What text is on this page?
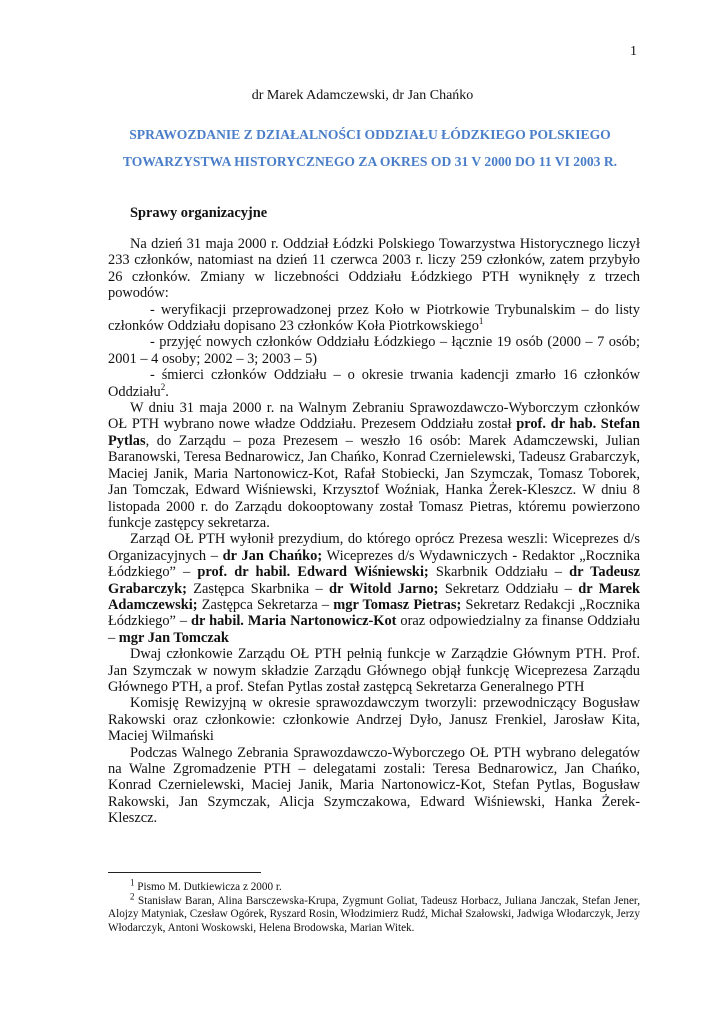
1
dr Marek Adamczewski, dr Jan Chańko
SPRAWOZDANIE Z DZIAŁALNOŚCI ODDZIAŁU ŁÓDZKIEGO POLSKIEGO
TOWARZYSTWA HISTORYCZNEGO ZA OKRES OD 31 V 2000 DO 11 VI 2003 R.
Sprawy organizacyjne

Na dzień 31 maja 2000 r. Oddział Łódzki Polskiego Towarzystwa Historycznego liczył 233 członków, natomiast na dzień 11 czerwca 2003 r. liczy 259 członków, zatem przybyło 26 członków. Zmiany w liczebności Oddziału Łódzkiego PTH wyniknęły z trzech powodów:

- weryfikacji przeprowadzonej przez Koło w Piotrkowie Trybunalskim – do listy członków Oddziału dopisano 23 członków Koła Piotrkowskiego$^1$

- przyjęć nowych członków Oddziału Łódzkiego – łącznie 19 osób (2000 – 7 osób; 2001 – 4 osoby; 2002 – 3; 2003 – 5)

- śmierci członków Oddziału – o okresie trwania kadencji zmarło 16 członków Oddziału$^2$.

W dniu 31 maja 2000 r. na Walnym Zebraniu Sprawozdawczo-Wyborczym członków OŁ PTH wybrano nowe władze Oddziału. Prezesem Oddziału został prof. dr hab. Stefan Pytlas, do Zarządu – poza Prezesem – weszło 16 osób: Marek Adamczewski, Julian Baranowski, Teresa Bednarowicz, Jan Chańko, Konrad Czernielewski, Tadeusz Grabarczyk, Maciej Janik, Maria Nartonowicz-Kot, Rafał Stobiecki, Jan Szymczak, Tomasz Toborek, Jan Tomczak, Edward Wiśniewski, Krzysztof Woźniak, Hanka Żerek-Kleszcz. W dniu 8 listopada 2000 r. do Zarządu dokooptowany został Tomasz Pietras, któremu powierzono funkcje zastępcy sekretarza.

Zarząd OŁ PTH wyłonił prezydium, do którego oprócz Prezesa weszli: Wiceprezes d/s Organizacyjnych – dr Jan Chańko; Wiceprezes d/s Wydawniczych - Redaktor „Rocznika Łódzkiego” – prof. dr habil. Edward Wiśniewski; Skarbnik Oddziału – dr Tadeusz Grabarczyk; Zastępca Skarbnika – dr Witold Jarno; Sekretarz Oddziału – dr Marek Adamczewski; Zastępca Sekretarza – mgr Tomasz Pietras; Sekretarz Redakcji „Rocznika Łódzkiego” – dr habil. Maria Nartonowicz-Kot oraz odpowiedzialny za finanse Oddziału – mgr Jan Tomczak

Dwaj członkowie Zarządu OŁ PTH pełnią funkcje w Zarządzie Głównym PTH. Prof. Jan Szymczak w nowym składzie Zarządu Głównego objął funkcję Wiceprezesa Zarządu Głównego PTH, a prof. Stefan Pytlas został zastępcą Sekretarza Generalnego PTH

Komisję Rewizyjną w okresie sprawozdawczym tworzyli: przewodniczący Bogusław Rakowski oraz członkowie: członkowie Andrzej Dyło, Janusz Frenkiel, Jarosław Kita, Maciej Wilmański

Podczas Walnego Zebrania Sprawozdawczo-Wyborczego OŁ PTH wybrano delegatów na Walne Zgromadzenie PTH – delegatami zostali: Teresa Bednarowicz, Jan Chańko, Konrad Czernielewski, Maciej Janik, Maria Nartonowicz-Kot, Stefan Pytlas, Bogusław Rakowski, Jan Szymczak, Alicja Szymczakowa, Edward Wiśniewski, Hanka Żerek-Kleszcz.

$^1$ Pismo M. Dutkiewicza z 2000 r.

$^2$ Stanisław Baran, Alina Barsczewska-Krupa, Zygmunt Goliat, Tadeusz Horbacz, Juliana Janczak, Stefan Jener, Alojzy Matyniak, Czesław Ogórek, Ryszard Rosin, Włodzimierz Rudź, Michał Szałowski, Jadwiga Włodarczyk, Jerzy Włodarczyk, Antoni Woskowski, Helena Brodowska, Marian Witek.
